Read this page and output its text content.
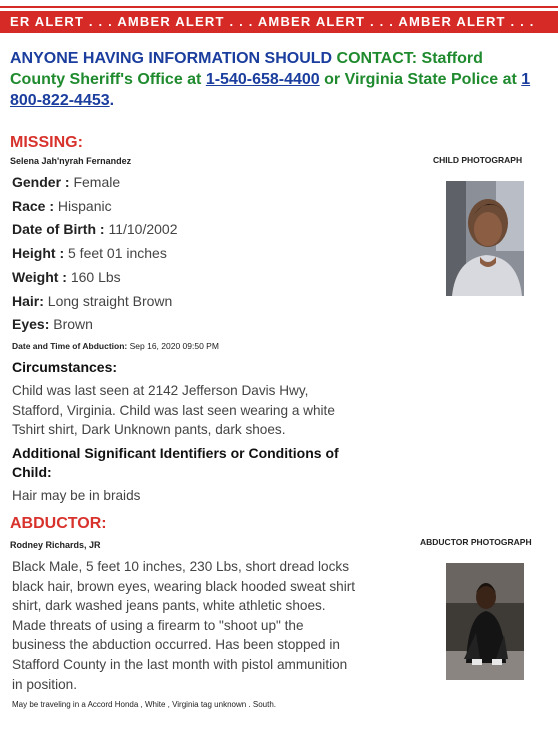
ER ALERT . . . AMBER ALERT . . . AMBER ALERT . . . AMBER ALERT . . .
ANYONE HAVING INFORMATION SHOULD CONTACT: Stafford
County Sheriff's Office at 1-540-658-4400 or Virginia State Police at 1
800-822-4453.
MISSING:
Selena Jah'nyrah Fernandez	CHILD PHOTOGRAPH
Gender : Female
Race : Hispanic
Date of Birth : 11/10/2002
Height : 5 feet 01 inches
Weight : 160 Lbs
Hair: Long straight Brown
Eyes: Brown
Date and Time of Abduction: Sep 16, 2020 09:50 PM
Circumstances:
Child was last seen at 2142 Jefferson Davis Hwy,
Stafford, Virginia. Child was last seen wearing a white
Tshirt shirt, Dark Unknown pants, dark shoes.
Additional Significant Identifiers or Conditions of
Child:
Hair may be in braids
ABDUCTOR:
Rodney Richards, JR	ABDUCTOR PHOTOGRAPH
Black Male, 5 feet 10 inches, 230 Lbs, short dread locks
black hair, brown eyes, wearing black hooded sweat shirt
shirt, dark washed jeans pants, white athletic shoes.
Made threats of using a firearm to "shoot up" the
business the abduction occurred. Has been stopped in
Stafford County in the last month with pistol ammunition
in position.
May be traveling in a Accord Honda , White , Virginia tag unknown . South.
